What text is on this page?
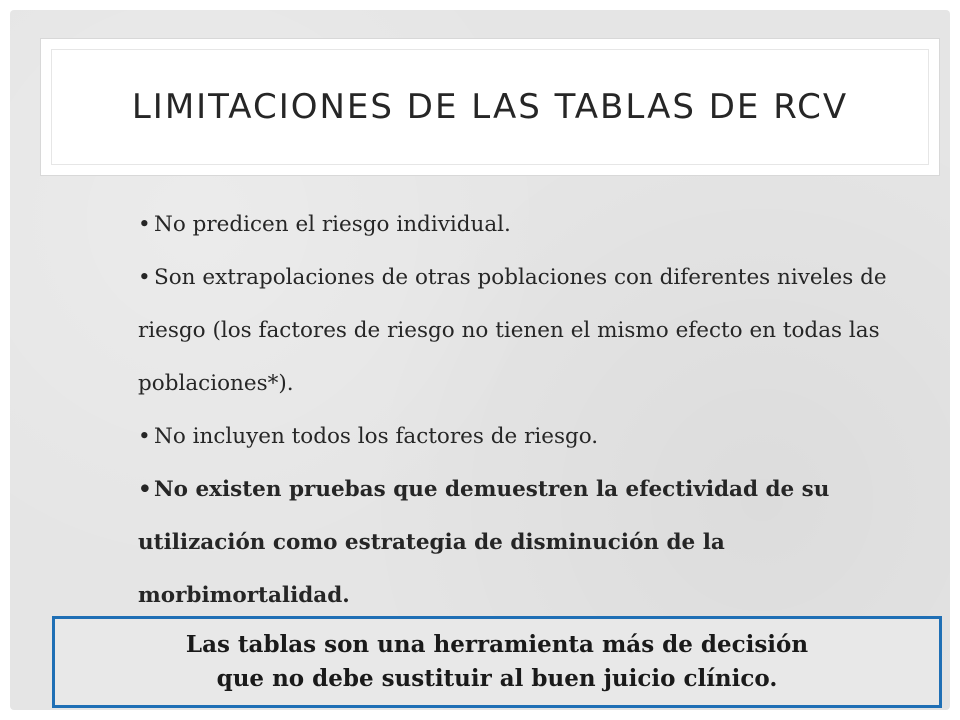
LIMITACIONES DE LAS TABLAS DE RCV
• No predicen el riesgo individual.
• Son extrapolaciones de otras poblaciones con diferentes niveles de riesgo (los factores de riesgo no tienen el mismo efecto en todas las poblaciones*).
• No incluyen todos los factores de riesgo.
• No existen pruebas que demuestren la efectividad de su utilización como estrategia de disminución de la morbimortalidad.
Las tablas son una herramienta más de decisión
que no debe sustituir al buen juicio clínico.
